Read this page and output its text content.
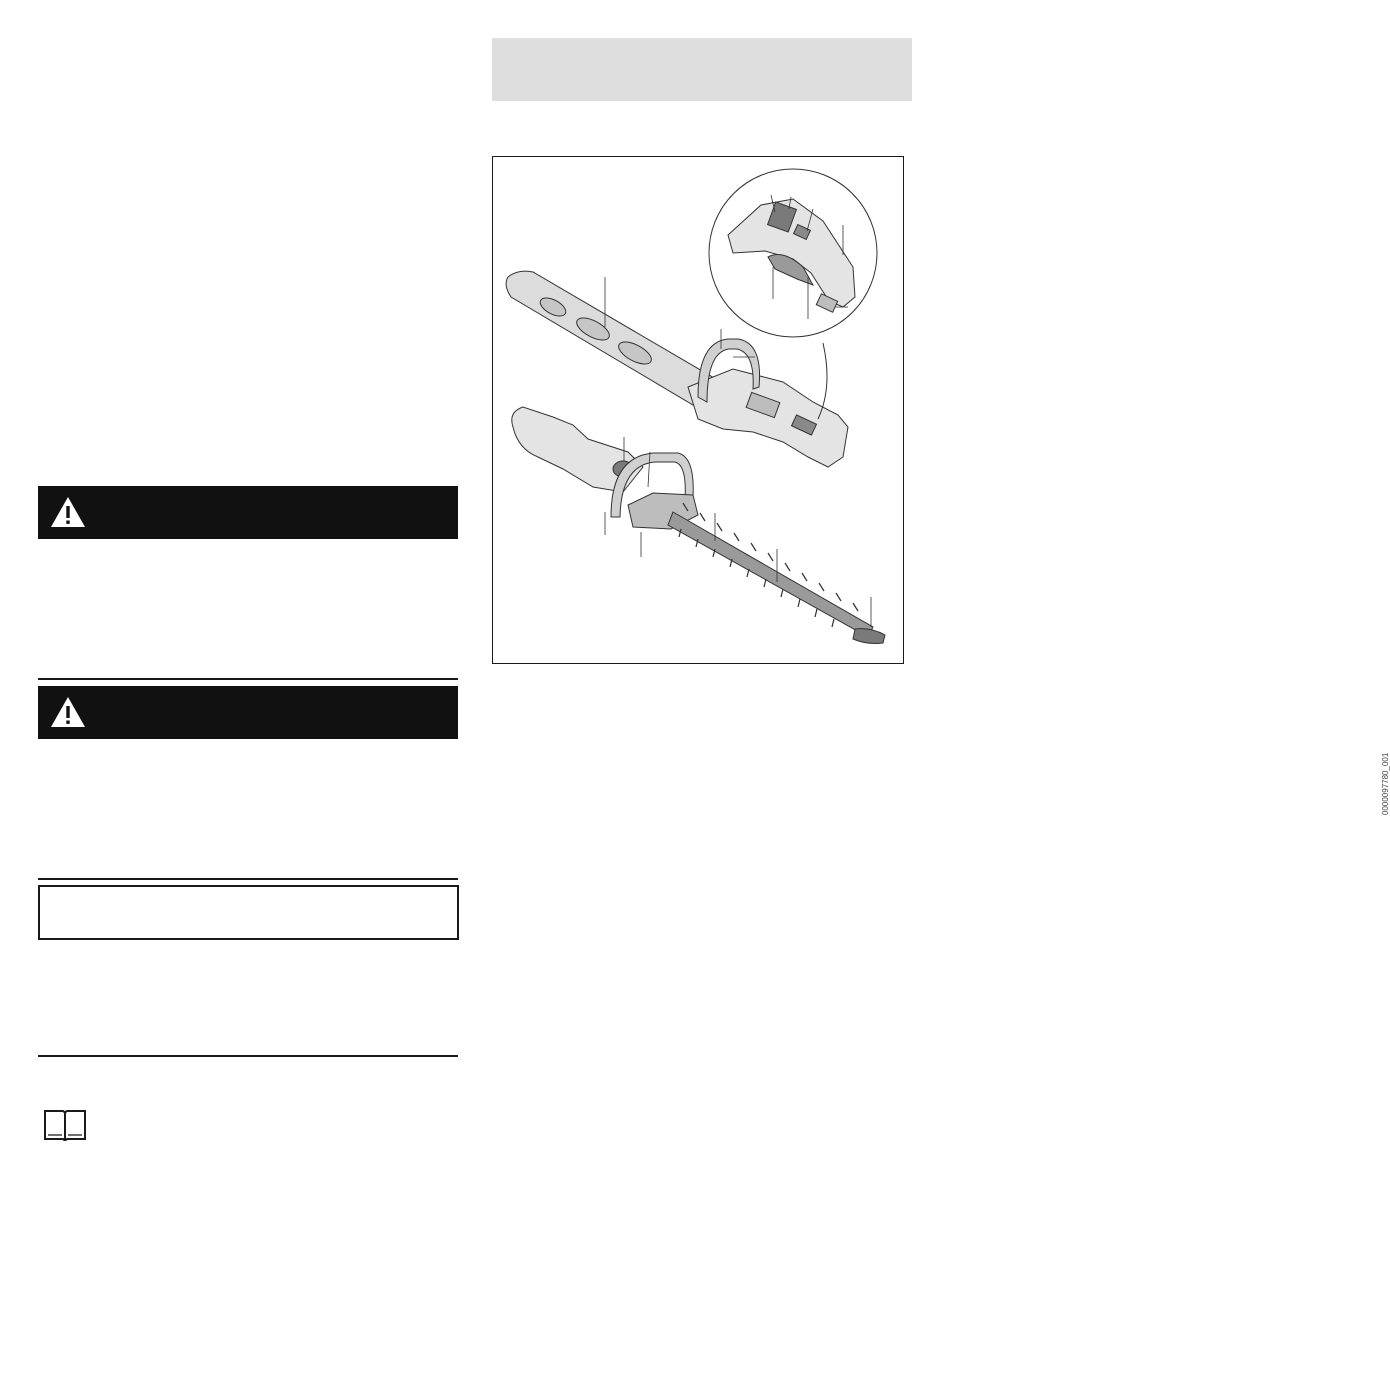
0000097780_001
